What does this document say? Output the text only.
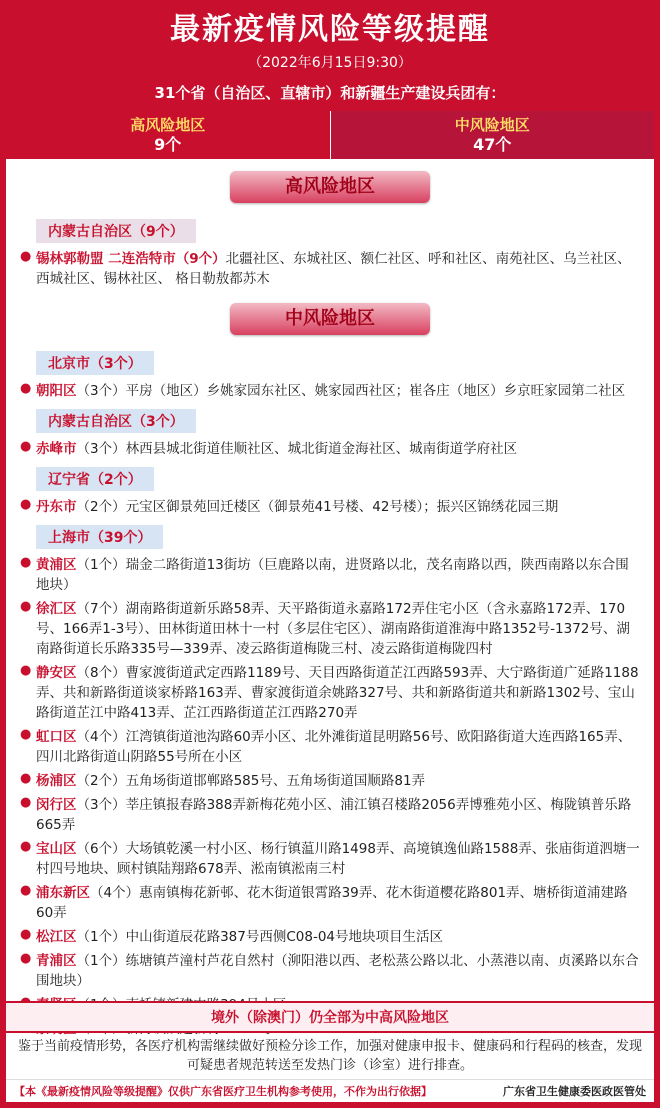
最新疫情风险等级提醒
（2022年6月15日9:30）
31个省（自治区、直辖市）和新疆生产建设兵团有：
高风险地区
9个
中风险地区
47个
高风险地区
内蒙古自治区（9个）
● 锡林郭勒盟 二连浩特市（9个）北疆社区、东城社区、额仁社区、呼和社区、南苑社区、乌兰社区、西城社区、锡林社区、 格日勒敖都苏木
中风险地区
北京市（3个）
● 朝阳区（3个）平房（地区）乡姚家园东社区、姚家园西社区；崔各庄（地区）乡京旺家园第二社区
内蒙古自治区（3个）
● 赤峰市（3个）林西县城北街道佳顺社区、城北街道金海社区、城南街道学府社区
辽宁省（2个）
● 丹东市（2个）元宝区御景苑回迁楼区（御景苑41号楼、42号楼）；振兴区锦绣花园三期
上海市（39个）
● 黄浦区（1个）瑞金二路街道13街坊（巨鹿路以南，进贤路以北，茂名南路以西，陕西南路以东合围地块）
● 徐汇区（7个）湖南路街道新乐路58弄、天平路街道永嘉路172弄住宅小区（含永嘉路172弄、170号、166弄1-3号）、田林街道田林十一村（多层住宅区）、湖南路街道淮海中路1352号-1372号、湖南路街道长乐路335号—339弄、凌云路街道梅陇三村、凌云路街道梅陇四村
● 静安区（8个）曹家渡街道武定西路1189号、天目西路街道芷江西路593弄、大宁路街道广延路1188弄、共和新路街道谈家桥路163弄、曹家渡街道余姚路327号、共和新路街道共和新路1302号、宝山路街道芷江中路413弄、芷江西路街道芷江西路270弄
● 虹口区（4个）江湾镇街道池沟路60弄小区、北外滩街道昆明路56号、欧阳路街道大连西路165弄、四川北路街道山阴路55号所在小区
● 杨浦区（2个）五角场街道邯郸路585号、五角场街道国顺路81弄
● 闵行区（3个）莘庄镇报春路388弄新梅花苑小区、浦江镇召楼路2056弄博雅苑小区、梅陇镇普乐路665弄
● 宝山区（6个）大场镇乾溪一村小区、杨行镇蕰川路1498弄、高境镇逸仙路1588弄、张庙街道泗塘一村四号地块、顾村镇陆翔路678弄、淞南镇淞南三村
● 浦东新区（4个）惠南镇梅花新邨、花木街道银霄路39弄、花木街道樱花路801弄、塘桥街道浦建路60弄
● 松江区（1个）中山街道辰花路387号西侧C08-04号地块项目生活区
● 青浦区（1个）练塘镇芦潼村芦花自然村（泖阳港以西、老松蒸公路以北、小蒸港以南、贞溪路以东合围地块）
境外（除澳门）仍全部为中高风险地区
鉴于当前疫情形势，各医疗机构需继续做好预检分诊工作，加强对健康申报卡、健康码和行程码的核查，发现可疑患者规范转送至发热门诊（诊室）进行排查。
【本《最新疫情风险等级提醒》仅供广东省医疗卫生机构参考使用，不作为出行依据】	广东省卫生健康委医政医管处
